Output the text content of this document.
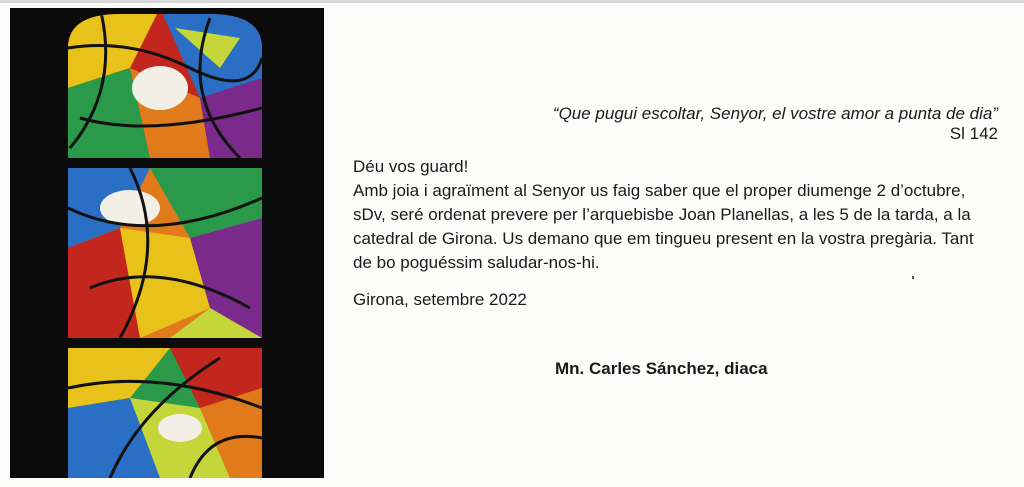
“Que pugui escoltar, Senyor, el vostre amor a punta de dia”
Sl 142

Déu vos guard!

Amb joia i agraïment al Senyor us faig saber que el proper diumenge 2 d’octubre, sDv, seré ordenat prevere per l’arquebisbe Joan Planellas, a les 5 de la tarda, a la catedral de Girona. Us demano que em tingueu present en la vostra pregària. Tant de bo poguéssim saludar-nos-hi.

Girona, setembre 2022
Mn. Carles Sánchez, diaca
